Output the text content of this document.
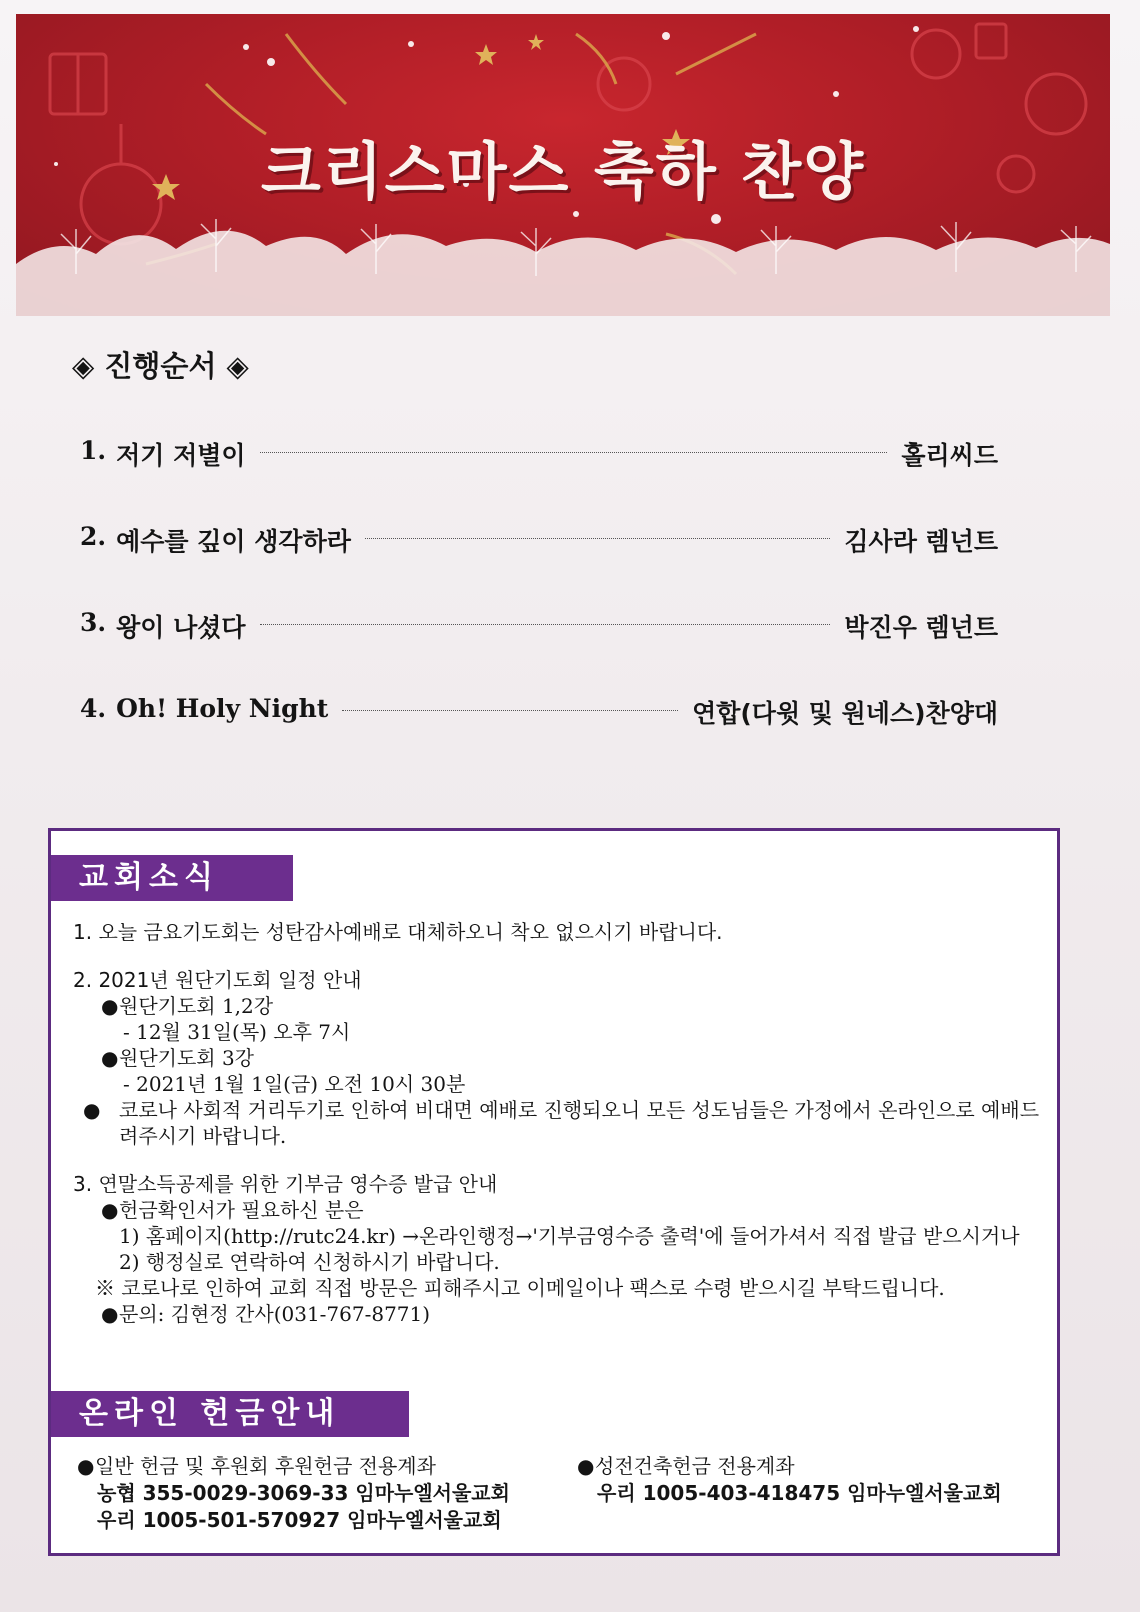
크리스마스 축하 찬양
◈ 진행순서 ◈
1. 저기 저별이	홀리씨드
2. 예수를 깊이 생각하라	김사라 렘넌트
3. 왕이 나셨다	박진우 렘넌트
4. Oh! Holy Night	연합(다윗 및 원네스)찬양대
교회소식
1. 오늘 금요기도회는 성탄감사예배로 대체하오니 착오 없으시기 바랍니다.
2. 2021년 원단기도회 일정 안내
●원단기도회 1,2강
- 12월 31일(목) 오후 7시
●원단기도회 3강
- 2021년 1월 1일(금) 오전 10시 30분
● 코로나 사회적 거리두기로 인하여 비대면 예배로 진행되오니 모든 성도님들은 가정에서 온라인으로 예배드려주시기 바랍니다.
3. 연말소득공제를 위한 기부금 영수증 발급 안내
●헌금확인서가 필요하신 분은
1) 홈페이지(http://rutc24.kr) →온라인행정→'기부금영수증 출력'에 들어가셔서 직접 발급 받으시거나
2) 행정실로 연락하여 신청하시기 바랍니다.
※ 코로나로 인하여 교회 직접 방문은 피해주시고 이메일이나 팩스로 수령 받으시길 부탁드립니다.
●문의: 김현정 간사(031-767-8771)
온라인 헌금안내
●일반 헌금 및 후원회 후원헌금 전용계좌
농협 355-0029-3069-33 임마누엘서울교회
우리 1005-501-570927 임마누엘서울교회
●성전건축헌금 전용계좌
우리 1005-403-418475 임마누엘서울교회
